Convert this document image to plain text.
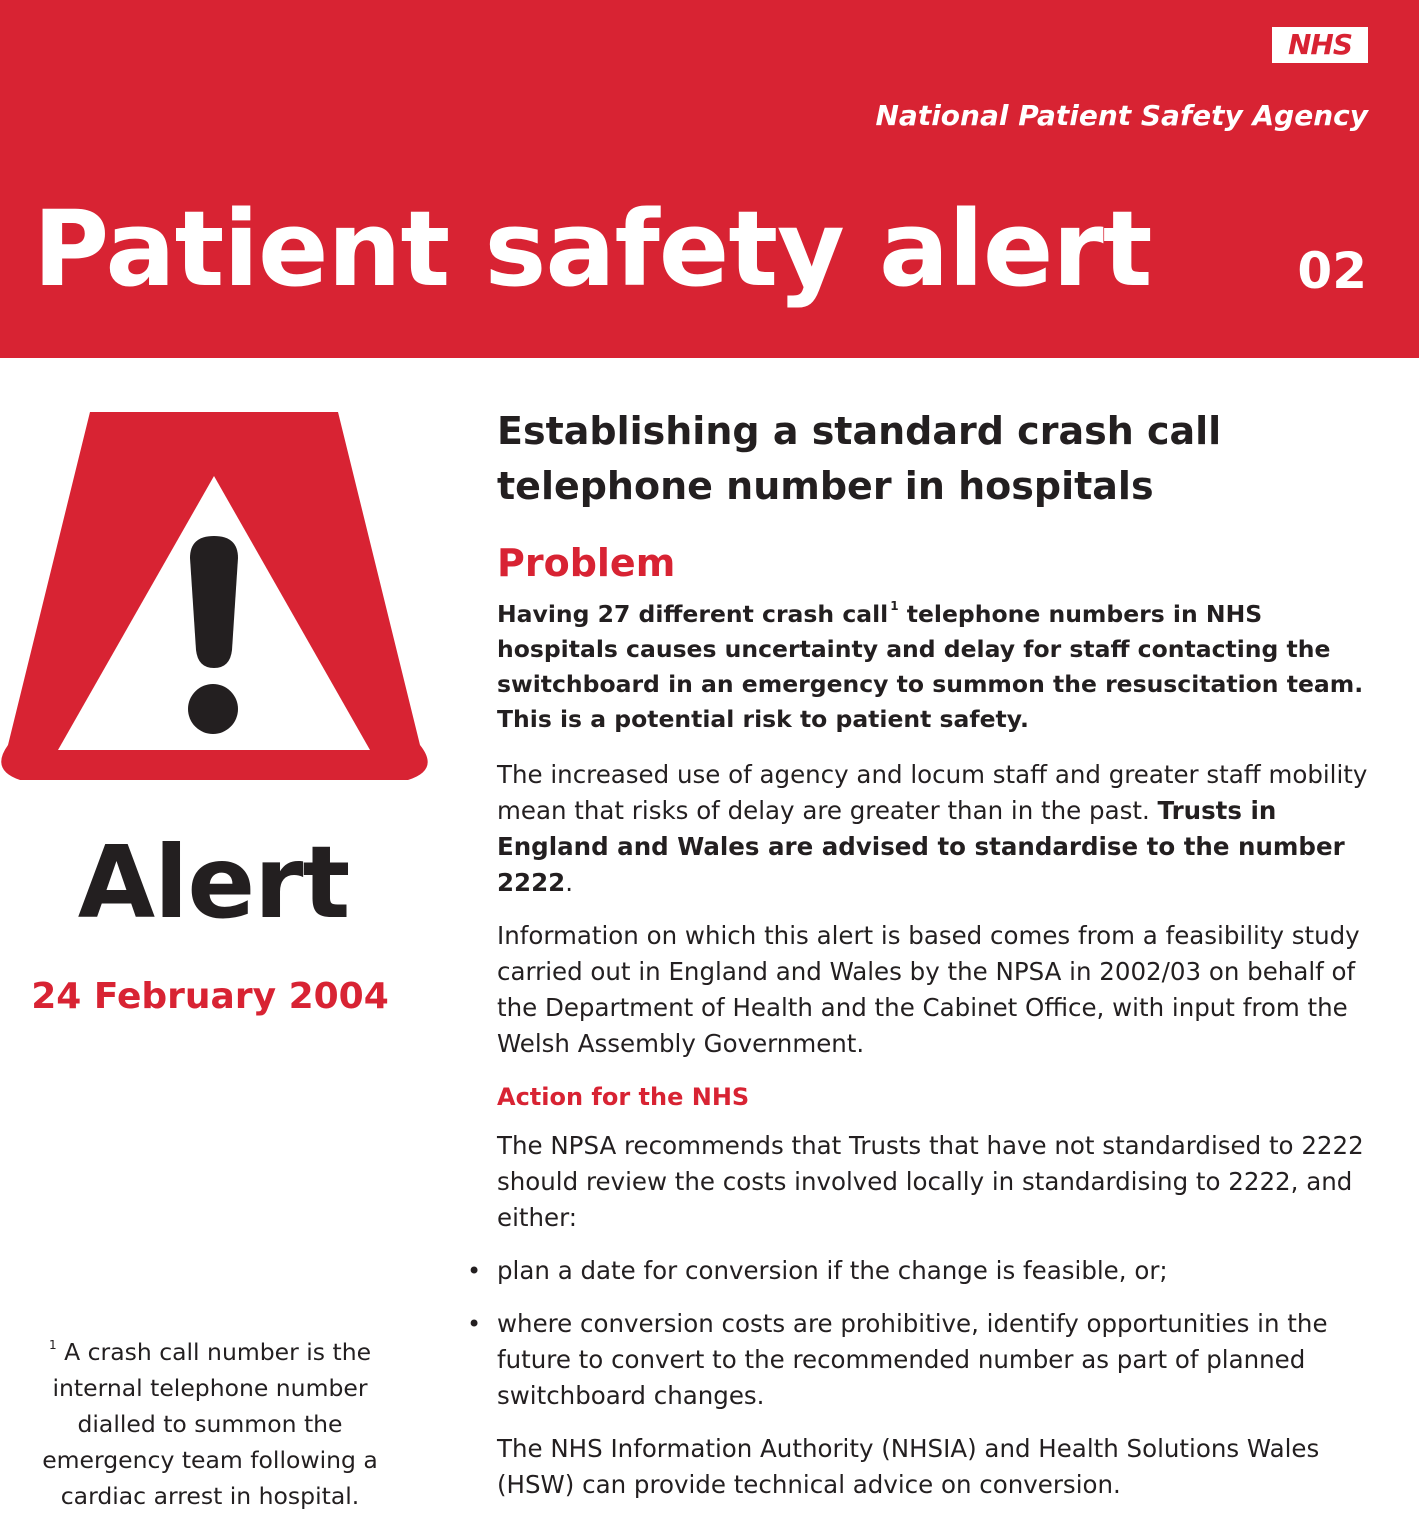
NHS
National Patient Safety Agency
Patient safety alert	02
Alert
24 February 2004
$^1$ A crash call number is the internal telephone number dialled to summon the emergency team following a cardiac arrest in hospital.
Establishing a standard crash call telephone number in hospitals
Problem

Having 27 different crash call $^1$ telephone numbers in NHS hospitals causes uncertainty and delay for staff contacting the switchboard in an emergency to summon the resuscitation team. This is a potential risk to patient safety.

The increased use of agency and locum staff and greater staff mobility mean that risks of delay are greater than in the past. Trusts in England and Wales are advised to standardise to the number 2222.

Information on which this alert is based comes from a feasibility study carried out in England and Wales by the NPSA in 2002/03 on behalf of the Department of Health and the Cabinet Office, with input from the Welsh Assembly Government.

Action for the NHS

The NPSA recommends that Trusts that have not standardised to 2222 should review the costs involved locally in standardising to 2222, and either:

• plan a date for conversion if the change is feasible, or;
• where conversion costs are prohibitive, identify opportunities in the future to convert to the recommended number as part of planned switchboard changes.

The NHS Information Authority (NHSIA) and Health Solutions Wales (HSW) can provide technical advice on conversion.
